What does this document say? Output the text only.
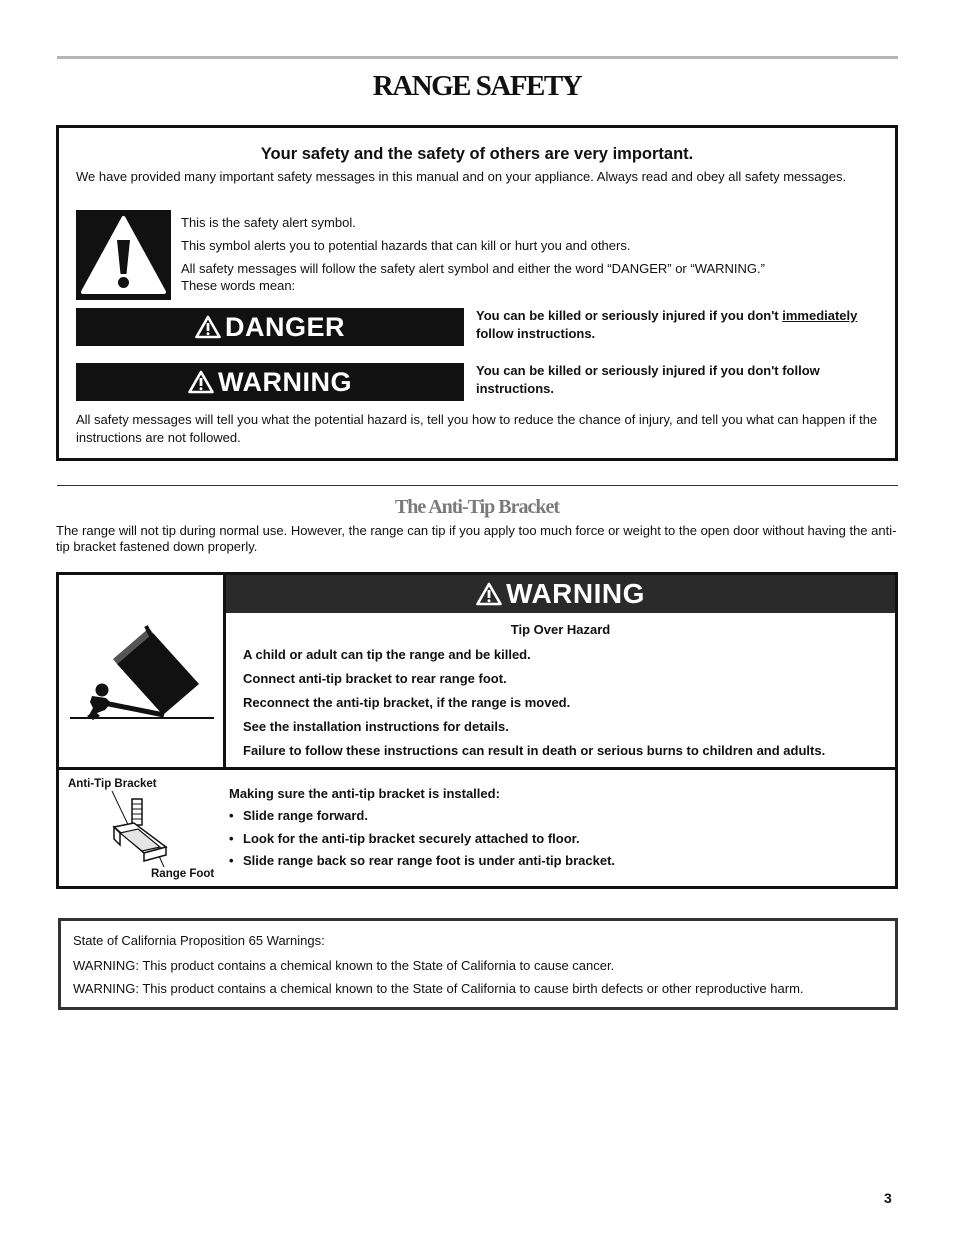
RANGE SAFETY

Your safety and the safety of others are very important.

We have provided many important safety messages in this manual and on your appliance. Always read and obey all safety messages.

This is the safety alert symbol.

This symbol alerts you to potential hazards that can kill or hurt you and others.

All safety messages will follow the safety alert symbol and either the word “DANGER” or “WARNING.”

These words mean:

DANGER	You can be killed or seriously injured if you don't immediately follow instructions.

WARNING	You can be killed or seriously injured if you don't follow instructions.

All safety messages will tell you what the potential hazard is, tell you how to reduce the chance of injury, and tell you what can happen if the instructions are not followed.

The Anti-Tip Bracket

The range will not tip during normal use. However, the range can tip if you apply too much force or weight to the open door without having the anti-tip bracket fastened down properly.

WARNING

Tip Over Hazard

A child or adult can tip the range and be killed.

Connect anti-tip bracket to rear range foot.

Reconnect the anti-tip bracket, if the range is moved.

See the installation instructions for details.

Failure to follow these instructions can result in death or serious burns to children and adults.

Anti-Tip Bracket

Range Foot

Making sure the anti-tip bracket is installed:

• Slide range forward.
• Look for the anti-tip bracket securely attached to floor.
• Slide range back so rear range foot is under anti-tip bracket.

State of California Proposition 65 Warnings:

WARNING: This product contains a chemical known to the State of California to cause cancer.

WARNING: This product contains a chemical known to the State of California to cause birth defects or other reproductive harm.

3
